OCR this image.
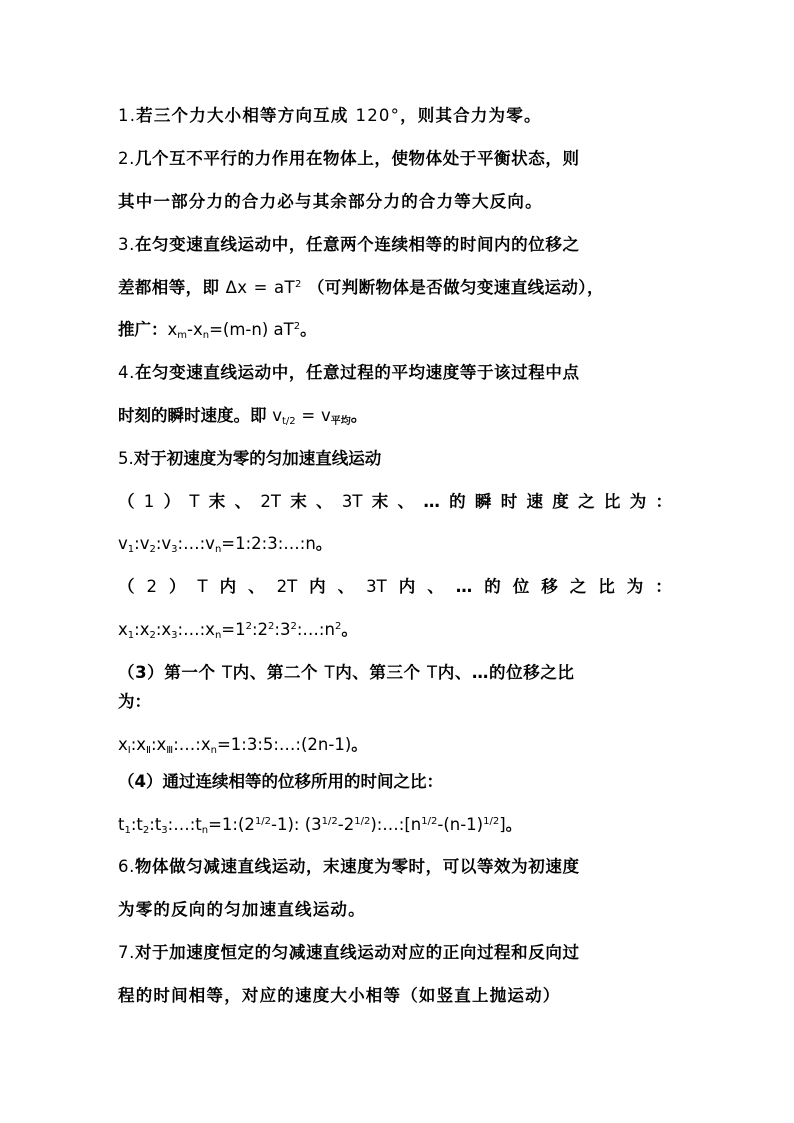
1.若三个力大小相等方向互成 120°，则其合力为零。
2.几个互不平行的力作用在物体上，使物体处于平衡状态，则
其中一部分力的合力必与其余部分力的合力等大反向。
3.在匀变速直线运动中，任意两个连续相等的时间内的位移之
差都相等，即 $\Delta x = aT^2$ （可判断物体是否做匀变速直线运动），
推广：$x_m-x_n=(m-n)$ $aT^2$。
4.在匀变速直线运动中，任意过程的平均速度等于该过程中点
时刻的瞬时速度。即 $v_{t/2} = v_{平均}$。
5.对于初速度为零的匀加速直线运动
（ 1 ） T 末 、 2T 末 、 3T 末 、 … 的 瞬 时 速 度 之 比 为 ：
$v_1:v_2:v_3:\dots:v_n=1:2:3:\dots:n$。
（ 2 ） T 内 、 2T 内 、 3T 内 、 … 的 位 移 之 比 为 ：
$x_1:x_2:x_3:\dots:x_n=1^2:2^2:3^2:\dots:n^2$。
（3）第一个 T内、第二个 T内、第三个 T内、…的位移之比
为：
$x_Ⅰ:x_Ⅱ:x_Ⅲ:\dots:x_n=1:3:5:\dots:(2n-1)$。
（4）通过连续相等的位移所用的时间之比：
$t_1:t_2:t_3:\dots:t_n=1:(2^{1/2}-1)$: $(3^{1/2}-2^{1/2}):\dots:[n^{1/2}-(n-1)^{1/2}]$。
6.物体做匀减速直线运动，末速度为零时，可以等效为初速度
为零的反向的匀加速直线运动。
7.对于加速度恒定的匀减速直线运动对应的正向过程和反向过
程的时间相等，对应的速度大小相等（如竖直上抛运动）
